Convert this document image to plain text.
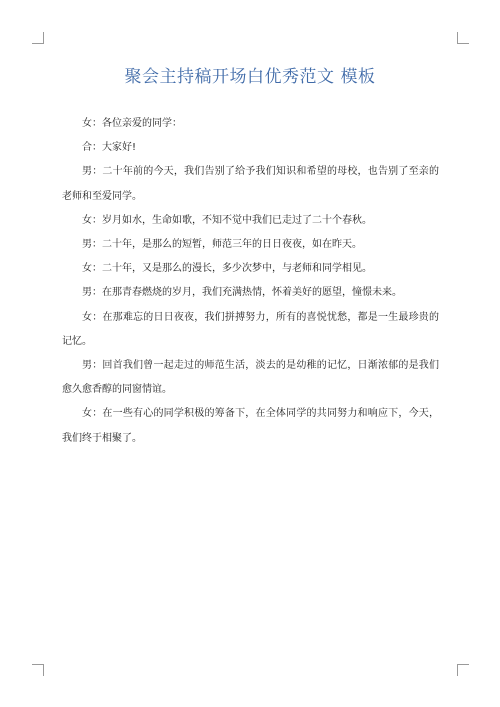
聚会主持稿开场白优秀范文 模板

女：各位亲爱的同学：

合：大家好!

男：二十年前的今天，我们告别了给予我们知识和希望的母校，也告别了至亲的老师和至爱同学。

女：岁月如水，生命如歌，不知不觉中我们已走过了二十个春秋。

男：二十年，是那么的短暂，师范三年的日日夜夜，如在昨天。

女：二十年，又是那么的漫长，多少次梦中，与老师和同学相见。

男：在那青春燃烧的岁月，我们充满热情，怀着美好的愿望，憧憬未来。

女：在那难忘的日日夜夜，我们拼搏努力，所有的喜悦忧愁，都是一生最珍贵的记忆。

男：回首我们曾一起走过的师范生活，淡去的是幼稚的记忆，日渐浓郁的是我们愈久愈香醇的同窗情谊。

女：在一些有心的同学积极的筹备下，在全体同学的共同努力和响应下，今天，我们终于相聚了。
